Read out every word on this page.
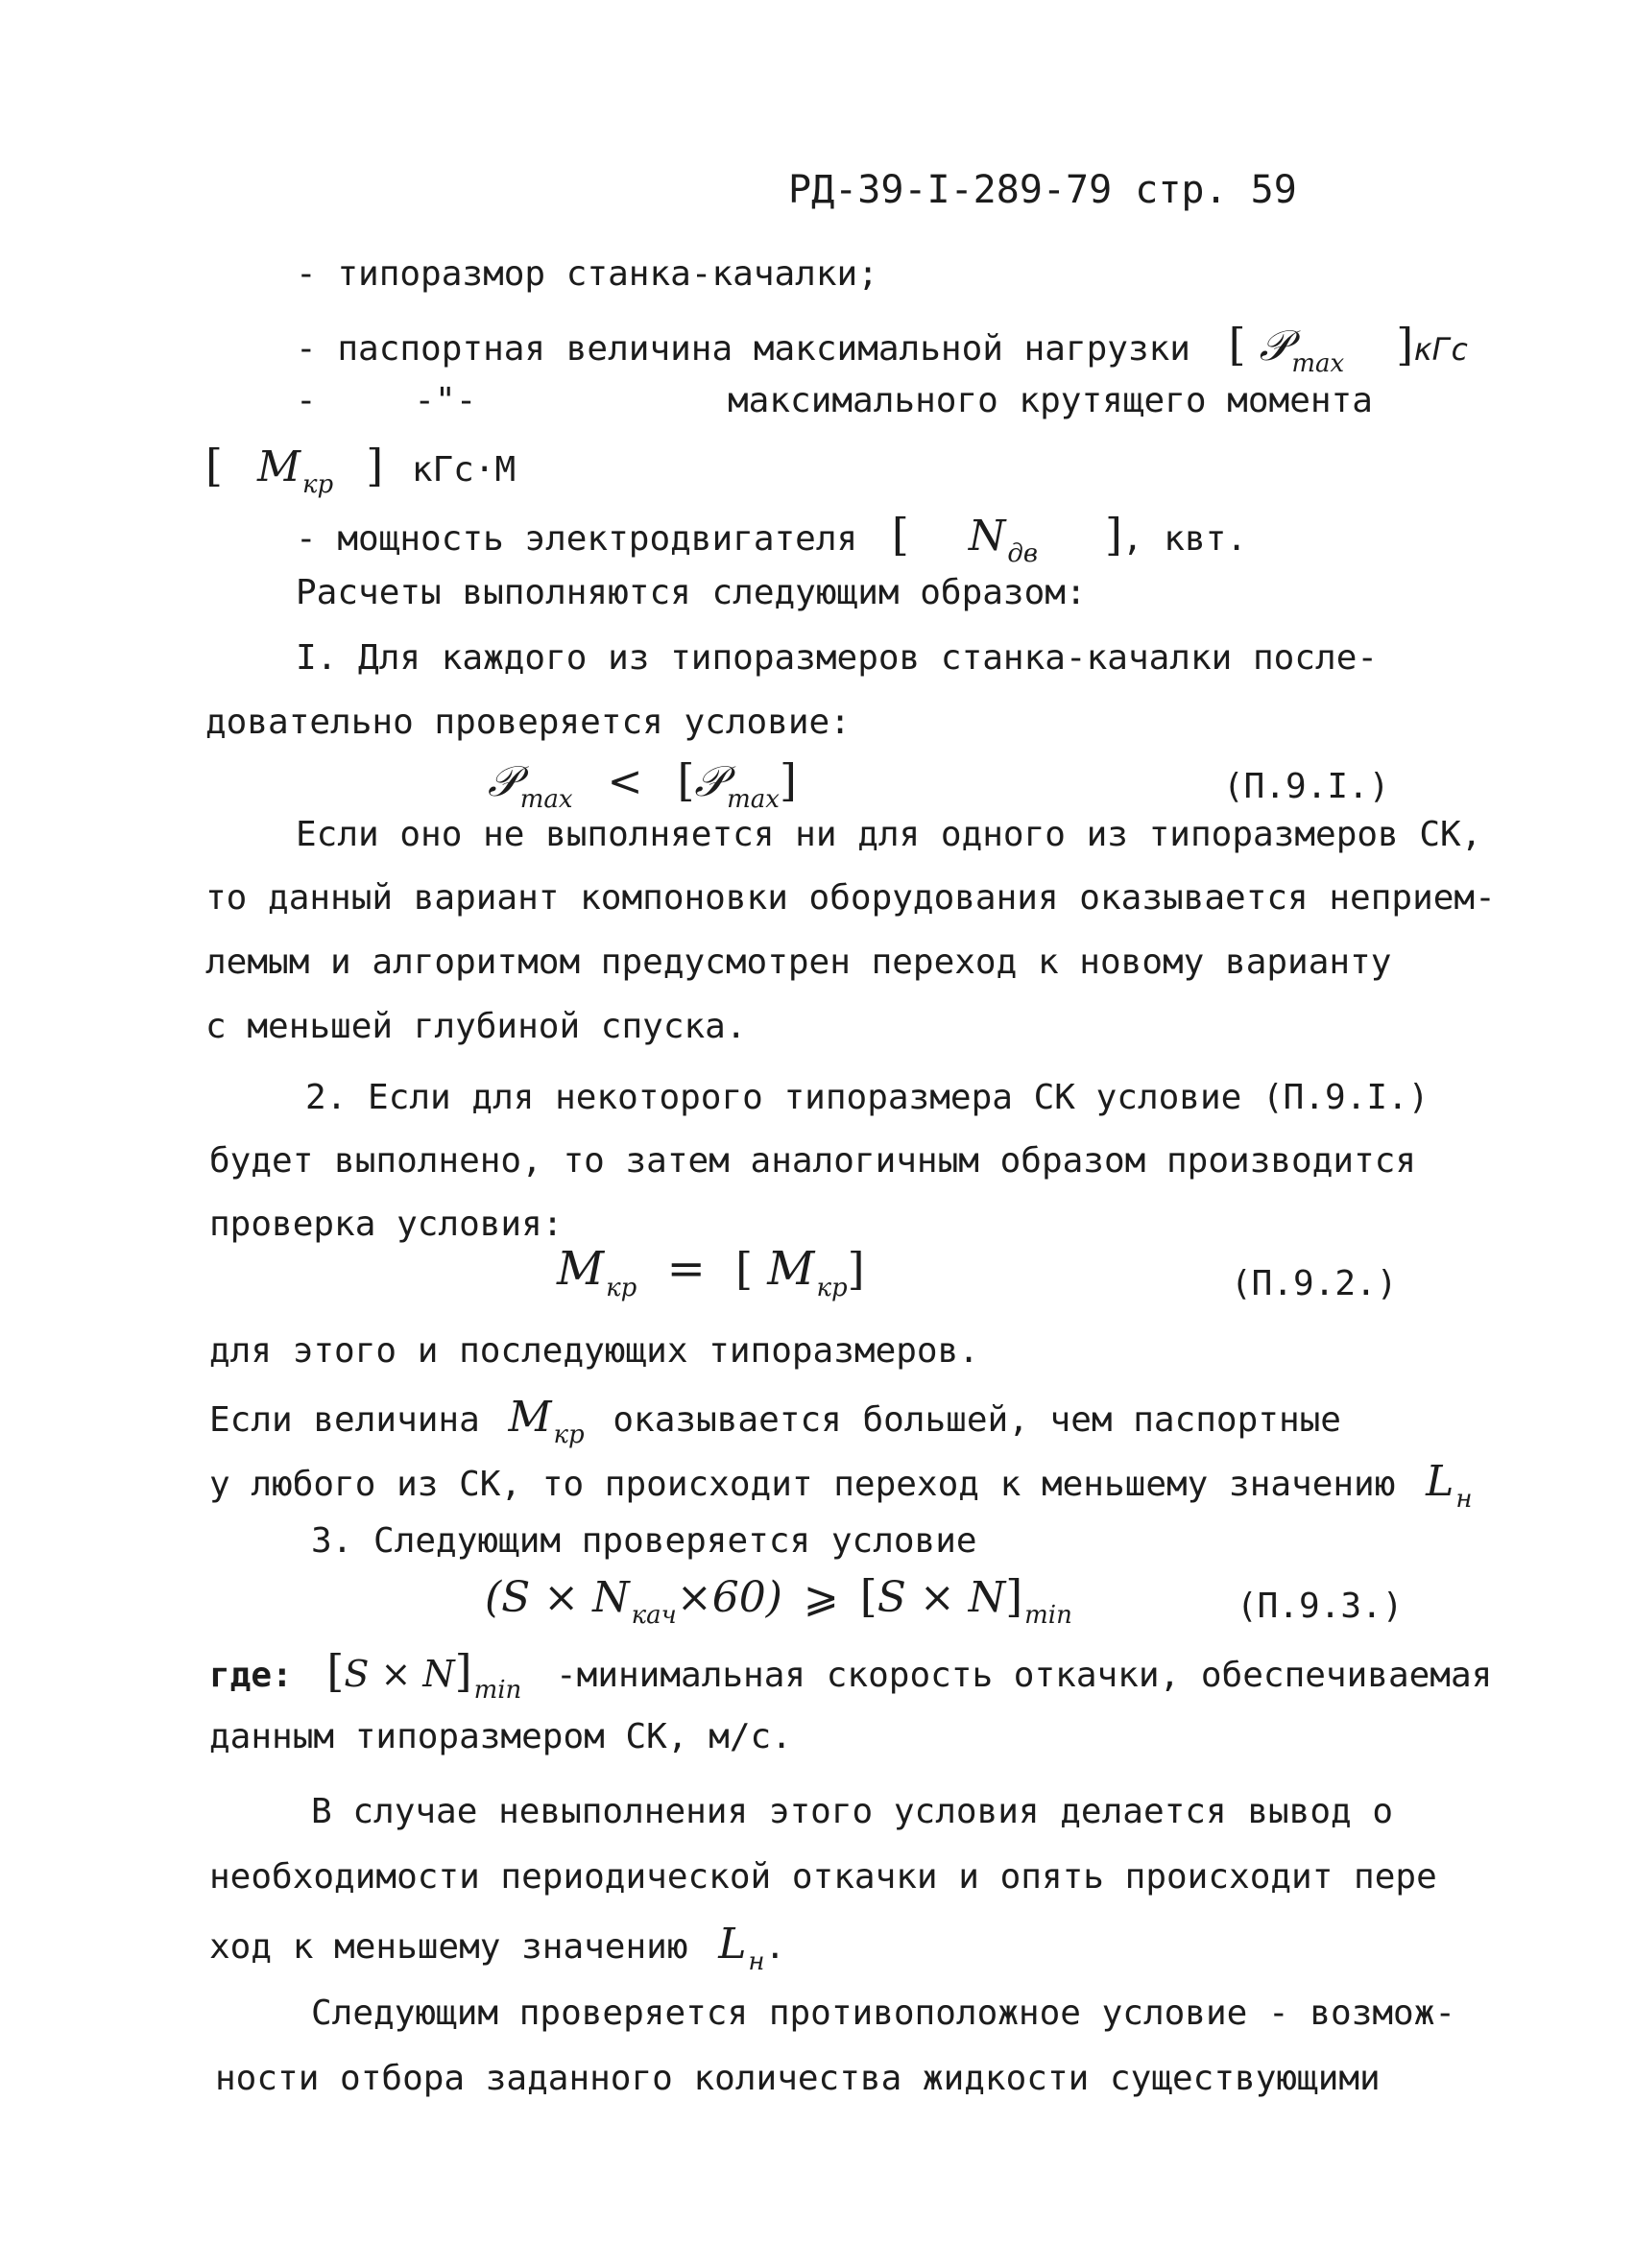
РД-39-I-289-79 стр. 59
- типоразмор станка-качалки;
- паспортная величина максимальной нагрузки [ 𝒫$_{max}$ ]кГс
-	-"-	максимального крутящего момента
[ $M_{кр}$ ] кГс·М
- мощность электродвигателя [ $N_{дв}$ ], квт.
Расчеты выполняются следующим образом:
I. Для каждого из типоразмеров станка-качалки после-
довательно проверяется условие:
𝒫$_{max}$ < [𝒫$_{max}$]	(П.9.I.)
Если оно не выполняется ни для одного из типоразмеров СК,
то данный вариант компоновки оборудования оказывается неприем-
лемым и алгоритмом предусмотрен переход к новому варианту
с меньшей глубиной спуска.
2. Если для некоторого типоразмера СК условие (П.9.I.)
будет выполнено, то затем аналогичным образом производится
проверка условия:
$M_{кр}$ = [ $M_{кр}$]	(П.9.2.)
для этого и последующих типоразмеров.
Если величина $M_{кр}$ оказывается большей, чем паспортные
у любого из СК, то происходит переход к меньшему значению $L_н$
3. Следующим проверяется условие
$(S \times N_{кач}\times 60)$ ⩾ $[S \times N]_{min}$	(П.9.3.)
где: $[S \times N]_{min}$ -минимальная скорость откачки, обеспечиваемая
данным типоразмером СК, м/с.
В случае невыполнения этого условия делается вывод о
необходимости периодической откачки и опять происходит пере
ход к меньшему значению $L_н$.
Следующим проверяется противоположное условие - возмож-
ности отбора заданного количества жидкости существующими
